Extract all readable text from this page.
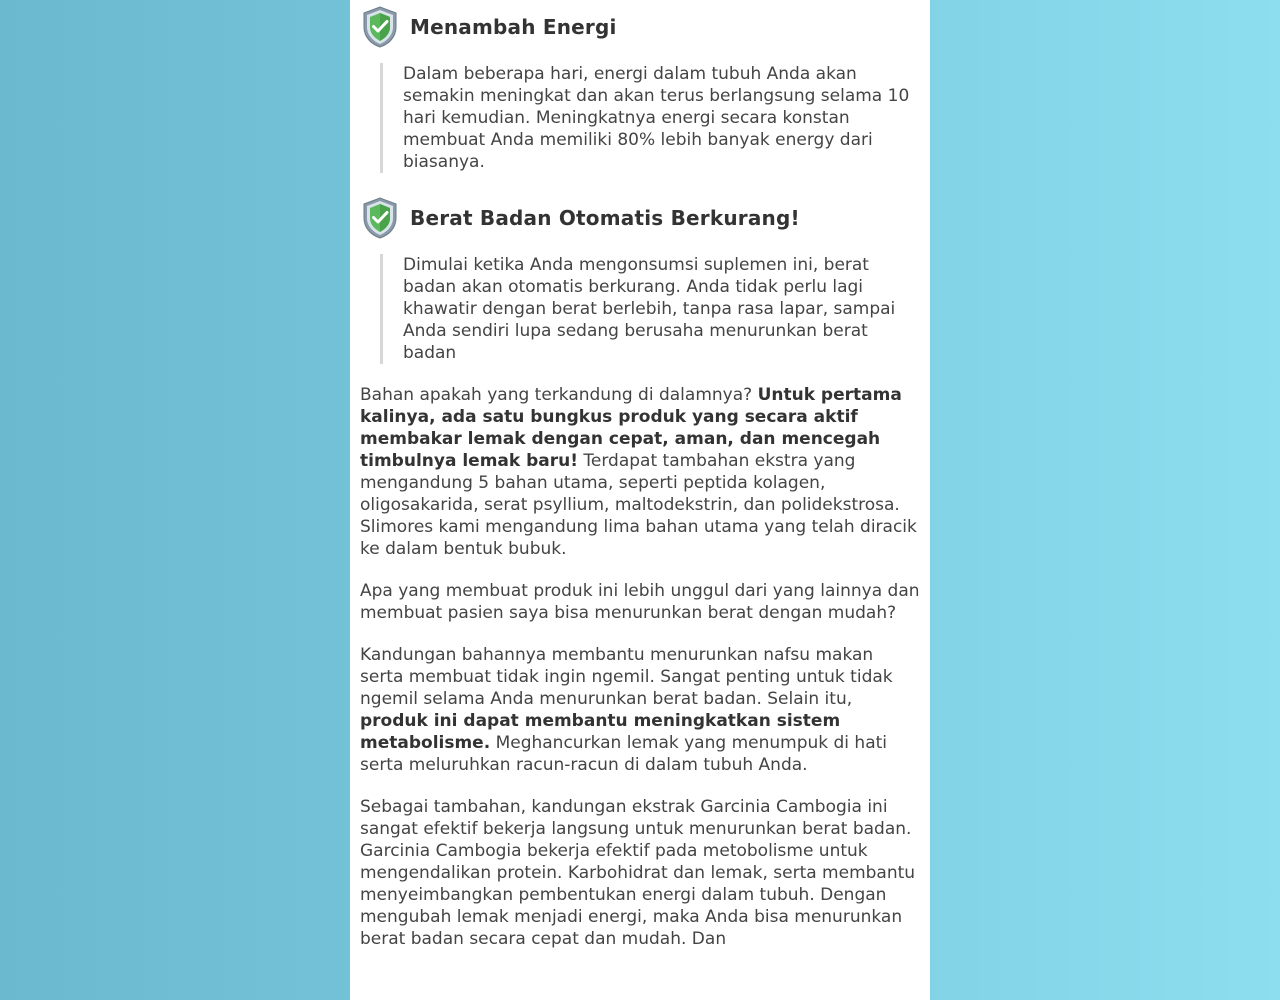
Menambah Energi

Dalam beberapa hari, energi dalam tubuh Anda akan semakin meningkat dan akan terus berlangsung selama 10 hari kemudian. Meningkatnya energi secara konstan membuat Anda memiliki 80% lebih banyak energy dari biasanya.

Berat Badan Otomatis Berkurang!

Dimulai ketika Anda mengonsumsi suplemen ini, berat badan akan otomatis berkurang. Anda tidak perlu lagi khawatir dengan berat berlebih, tanpa rasa lapar, sampai Anda sendiri lupa sedang berusaha menurunkan berat badan

Bahan apakah yang terkandung di dalamnya? Untuk pertama kalinya, ada satu bungkus produk yang secara aktif membakar lemak dengan cepat, aman, dan mencegah timbulnya lemak baru! Terdapat tambahan ekstra yang mengandung 5 bahan utama, seperti peptida kolagen, oligosakarida, serat psyllium, maltodekstrin, dan polidekstrosa. Slimores kami mengandung lima bahan utama yang telah diracik ke dalam bentuk bubuk.

Apa yang membuat produk ini lebih unggul dari yang lainnya dan membuat pasien saya bisa menurunkan berat dengan mudah?

Kandungan bahannya membantu menurunkan nafsu makan serta membuat tidak ingin ngemil. Sangat penting untuk tidak ngemil selama Anda menurunkan berat badan. Selain itu, produk ini dapat membantu meningkatkan sistem metabolisme. Meghancurkan lemak yang menumpuk di hati serta meluruhkan racun-racun di dalam tubuh Anda.

Sebagai tambahan, kandungan ekstrak Garcinia Cambogia ini sangat efektif bekerja langsung untuk menurunkan berat badan. Garcinia Cambogia bekerja efektif pada metobolisme untuk mengendalikan protein. Karbohidrat dan lemak, serta membantu menyeimbangkan pembentukan energi dalam tubuh. Dengan mengubah lemak menjadi energi, maka Anda bisa menurunkan berat badan secara cepat dan mudah. Dan
